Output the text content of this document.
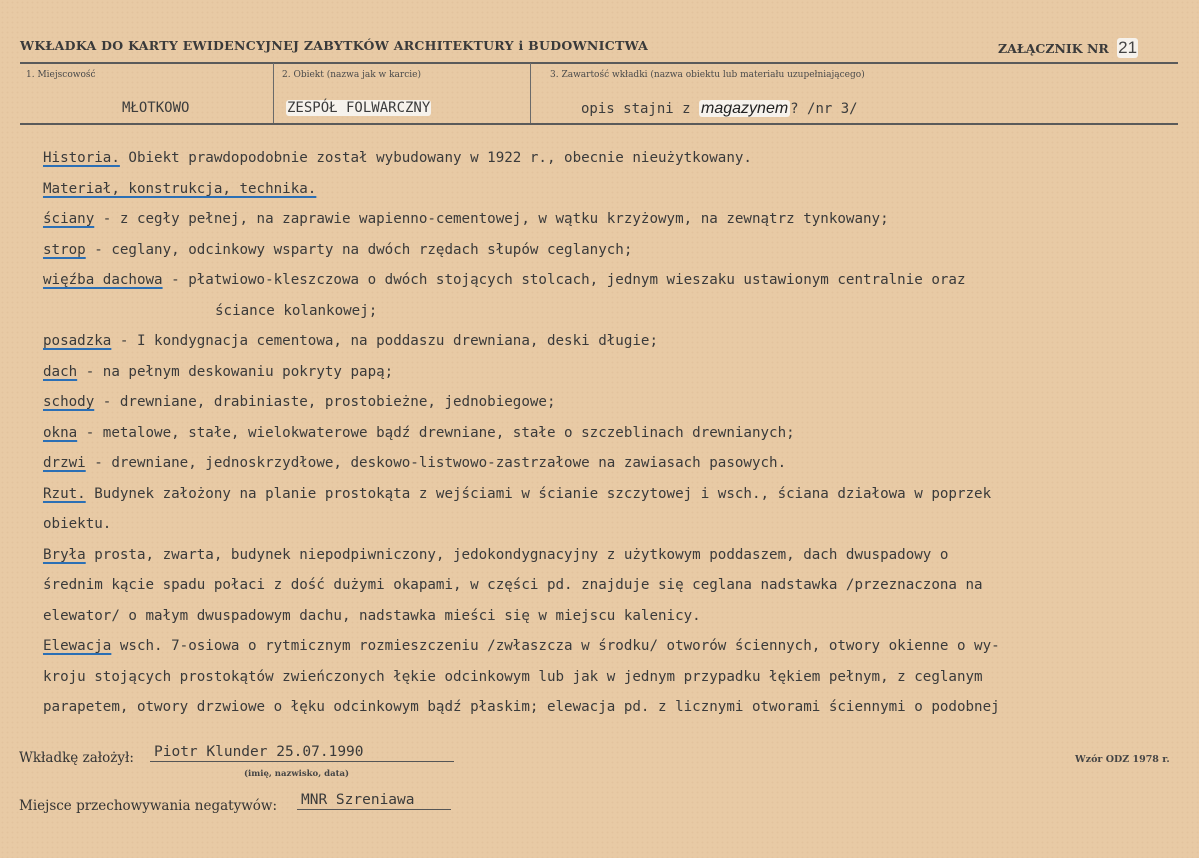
WKŁADKA DO KARTY EWIDENCYJNEJ ZABYTKÓW ARCHITEKTURY i BUDOWNICTWA	ZAŁĄCZNIK NR 21
1. Miejscowość	2. Obiekt (nazwa jak w karcie)	3. Zawartość wkładki (nazwa obiektu lub materiału uzupełniającego)
MŁOTKOWO	ZESPÓŁ FOLWARCZNY	opis stajni z magazynem ? /nr 3/
Historia. Obiekt prawdopodobnie został wybudowany w 1922 r., obecnie nieużytkowany.
Materiał, konstrukcja, technika.
ściany - z cegły pełnej, na zaprawie wapienno-cementowej, w wątku krzyżowym, na zewnątrz tynkowany;
strop - ceglany, odcinkowy wsparty na dwóch rzędach słupów ceglanych;
więźba dachowa - płatwiowo-kleszczowa o dwóch stojących stolcach, jednym wieszaku ustawionym centralnie oraz
ściance kolankowej;
posadzka - I kondygnacja cementowa, na poddaszu drewniana, deski długie;
dach - na pełnym deskowaniu pokryty papą;
schody - drewniane, drabiniaste, prostobieżne, jednobiegowe;
okna - metalowe, stałe, wielokwaterowe bądź drewniane, stałe o szczeblinach drewnianych;
drzwi - drewniane, jednoskrzydłowe, deskowo-listwowo-zastrzałowe na zawiasach pasowych.
Rzut. Budynek założony na planie prostokąta z wejściami w ścianie szczytowej i wsch., ściana działowa w poprzek
obiektu.
Bryła prosta, zwarta, budynek niepodpiwniczony, jedokondygnacyjny z użytkowym poddaszem, dach dwuspadowy o
średnim kącie spadu połaci z dość dużymi okapami, w części pd. znajduje się ceglana nadstawka /przeznaczona na
elewator/ o małym dwuspadowym dachu, nadstawka mieści się w miejscu kalenicy.
Elewacja wsch. 7-osiowa o rytmicznym rozmieszczeniu /zwłaszcza w środku/ otworów ściennych, otwory okienne o wy-
kroju stojących prostokątów zwieńczonych łękie odcinkowym lub jak w jednym przypadku łękiem pełnym, z ceglanym
parapetem, otwory drzwiowe o łęku odcinkowym bądź płaskim; elewacja pd. z licznymi otworami ściennymi o podobnej
Wkładkę założył: Piotr Klunder 25.07.1990
(imię, nazwisko, data)
Wzór ODZ 1978 r.
Miejsce przechowywania negatywów: MNR Szreniawa
